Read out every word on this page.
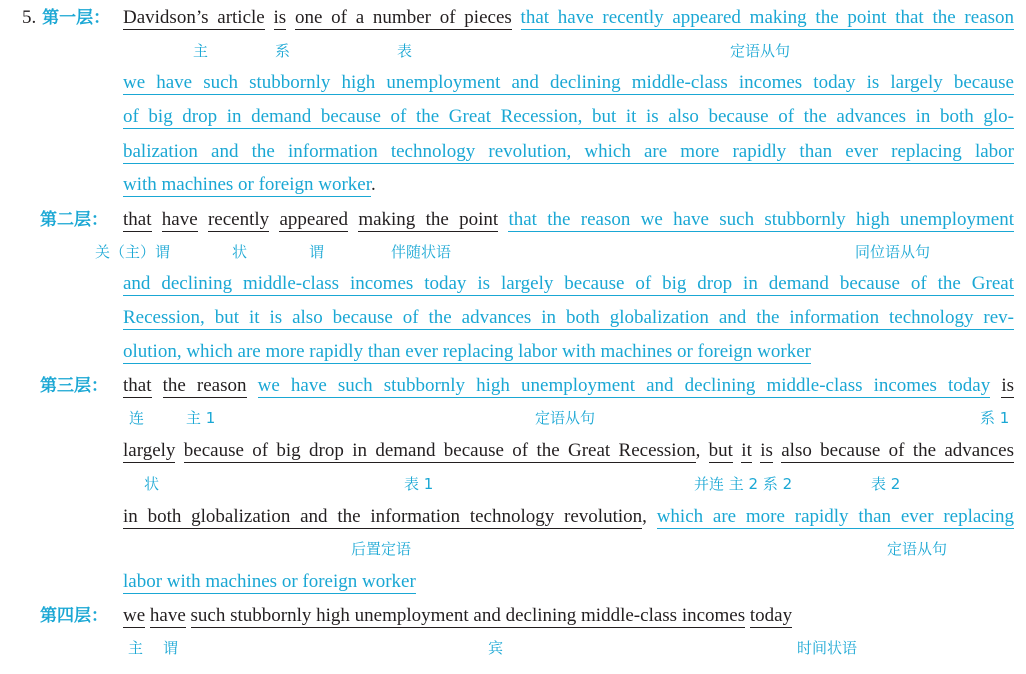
5. 第一层： Davidson’s article is one of a number of pieces that have recently appeared making the point that the reason
主	系	表	定语从句
we have such stubbornly high unemployment and declining middle-class incomes today is largely because
of big drop in demand because of the Great Recession, but it is also because of the advances in both glo-
balization and the information technology revolution, which are more rapidly than ever replacing labor
with machines or foreign worker.
第二层： that have recently appeared making the point that the reason we have such stubbornly high unemployment
关（主）谓	状	谓	伴随状语	同位语从句
and declining middle-class incomes today is largely because of big drop in demand because of the Great
Recession, but it is also because of the advances in both globalization and the information technology rev-
olution, which are more rapidly than ever replacing labor with machines or foreign worker
第三层： that the reason we have such stubbornly high unemployment and declining middle-class incomes today is
连	主 1	定语从句	系 1
largely because of big drop in demand because of the Great Recession, but it is also because of the advances
状	表 1	并连 主 2 系 2	表 2
in both globalization and the information technology revolution, which are more rapidly than ever replacing
后置定语	定语从句
labor with machines or foreign worker
第四层： we have such stubbornly high unemployment and declining middle-class incomes today
主 谓	宾	时间状语
